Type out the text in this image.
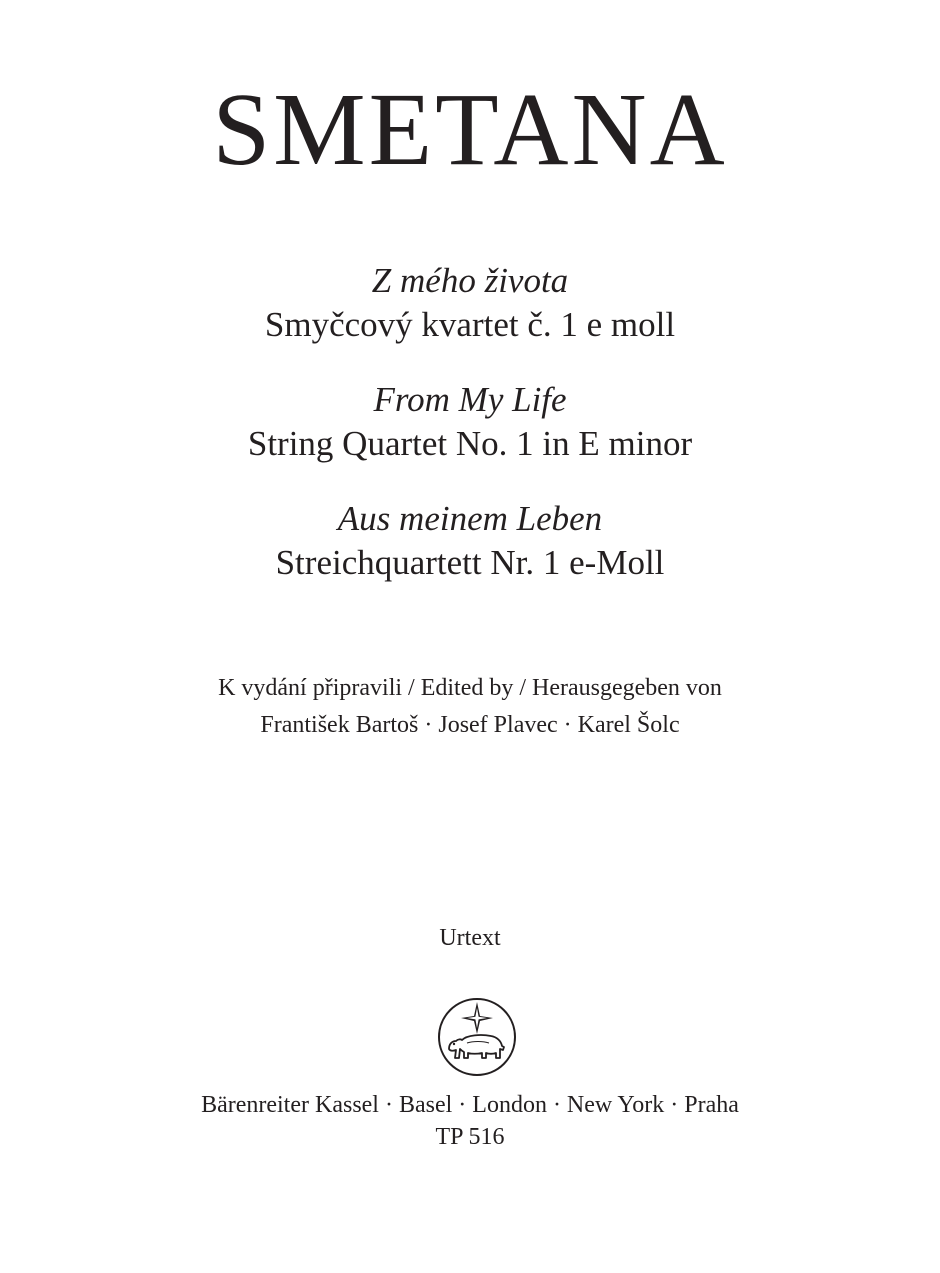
SMETANA
Z mého života
Smyčcový kvartet č. 1 e moll
From My Life
String Quartet No. 1 in E minor
Aus meinem Leben
Streichquartett Nr. 1 e-Moll
K vydání připravili / Edited by / Herausgegeben von
František Bartoš · Josef Plavec · Karel Šolc
Urtext
Bärenreiter Kassel · Basel · London · New York · Praha
TP 516
